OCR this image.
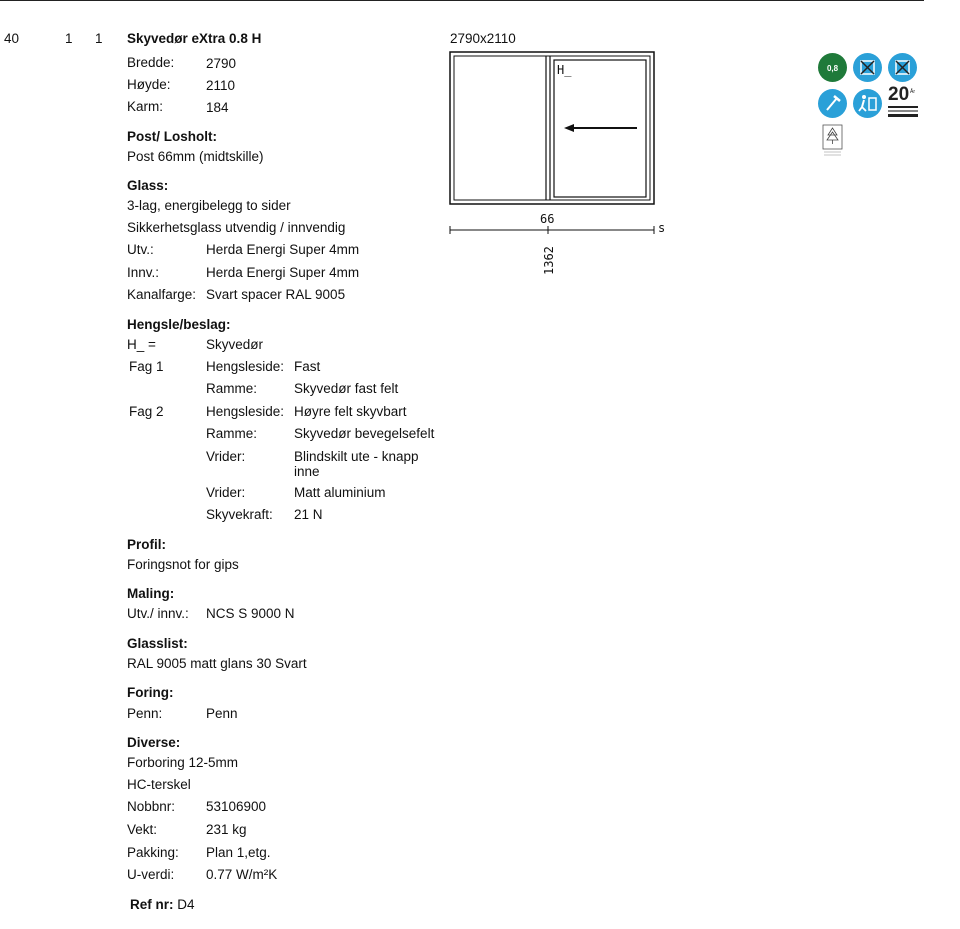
40	1 1 Skyvedør eXtra 0.8 H	2790x2110
Bredde: 2790
Høyde:	2110
Karm:	184
Post/ Losholt:
Post 66mm (midtskille)
Glass:
3-lag, energibelegg to sider
Sikkerhetsglass utvendig / innvendig
Utv.:	Herda Energi Super 4mm
Innv.:	Herda Energi Super 4mm
Kanalfarge: Svart spacer RAL 9005
Hengsle/beslag:
H_ =	Skyvedør
Fag 1	Hengsleside: Fast
Ramme:	Skyvedør fast felt
Fag 2	Hengsleside: Høyre felt skyvbart
Ramme:	Skyvedør bevegelsefelt
Vrider:	Blindskilt ute - knapp
inne
Vrider:	Matt aluminium
Skyvekraft: 21 N
Profil:
Foringsnot for gips
Maling:
Utv./ innv.: NCS S 9000 N
Glasslist:
RAL 9005 matt glans 30 Svart
Foring:
Penn:	Penn
Diverse:
Forboring 12-5mm
HC-terskel
Nobbnr: 53106900
Vekt:	231 kg
Pakking: Plan 1,etg.
U-verdi: 0.77 W/m²K
Ref nr: D4
H_
66
s
1362
0,8
20 År
